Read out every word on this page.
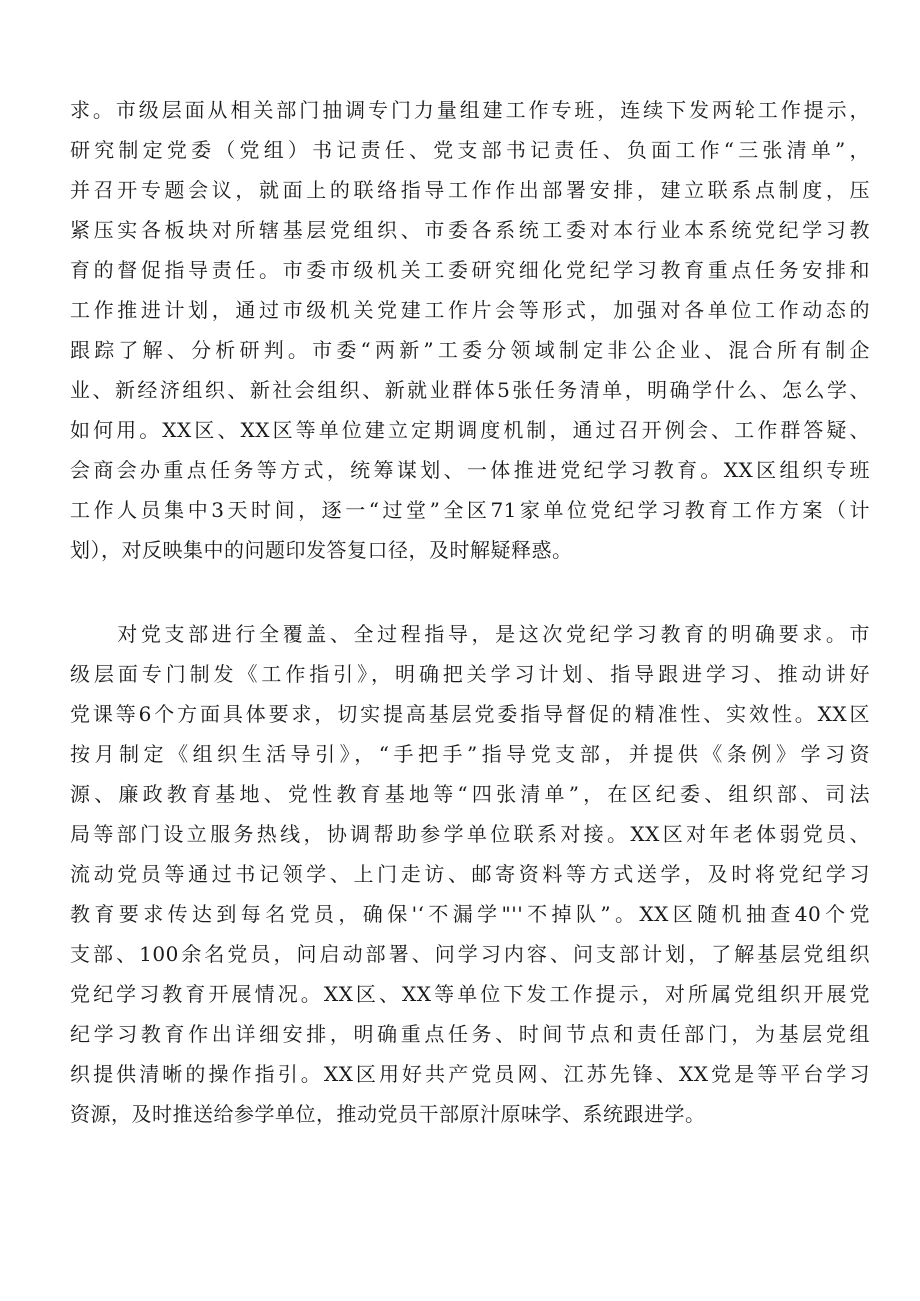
求。市级层面从相关部门抽调专门力量组建工作专班，连续下发两轮工作提示，
研究制定党委（党组）书记责任、党支部书记责任、负面工作“三张清单”，
并召开专题会议，就面上的联络指导工作作出部署安排，建立联系点制度，压
紧压实各板块对所辖基层党组织、市委各系统工委对本行业本系统党纪学习教
育的督促指导责任。市委市级机关工委研究细化党纪学习教育重点任务安排和
工作推进计划，通过市级机关党建工作片会等形式，加强对各单位工作动态的
跟踪了解、分析研判。市委“两新”工委分领域制定非公企业、混合所有制企
业、新经济组织、新社会组织、新就业群体5张任务清单，明确学什么、怎么学、
如何用。XX区、XX区等单位建立定期调度机制，通过召开例会、工作群答疑、
会商会办重点任务等方式，统筹谋划、一体推进党纪学习教育。XX区组织专班
工作人员集中3天时间，逐一“过堂”全区71家单位党纪学习教育工作方案（计
划），对反映集中的问题印发答复口径，及时解疑释惑。
　　对党支部进行全覆盖、全过程指导，是这次党纪学习教育的明确要求。市
级层面专门制发《工作指引》，明确把关学习计划、指导跟进学习、推动讲好
党课等6个方面具体要求，切实提高基层党委指导督促的精准性、实效性。XX区
按月制定《组织生活导引》，“手把手”指导党支部，并提供《条例》学习资
源、廉政教育基地、党性教育基地等“四张清单”，在区纪委、组织部、司法
局等部门设立服务热线，协调帮助参学单位联系对接。XX区对年老体弱党员、
流动党员等通过书记领学、上门走访、邮寄资料等方式送学，及时将党纪学习
教育要求传达到每名党员，确保'‘不漏学"''不掉队”。XX区随机抽查40个党
支部、100余名党员，问启动部署、问学习内容、问支部计划，了解基层党组织
党纪学习教育开展情况。XX区、XX等单位下发工作提示，对所属党组织开展党
纪学习教育作出详细安排，明确重点任务、时间节点和责任部门，为基层党组
织提供清晰的操作指引。XX区用好共产党员网、江苏先锋、XX党是等平台学习
资源，及时推送给参学单位，推动党员干部原汁原味学、系统跟进学。
